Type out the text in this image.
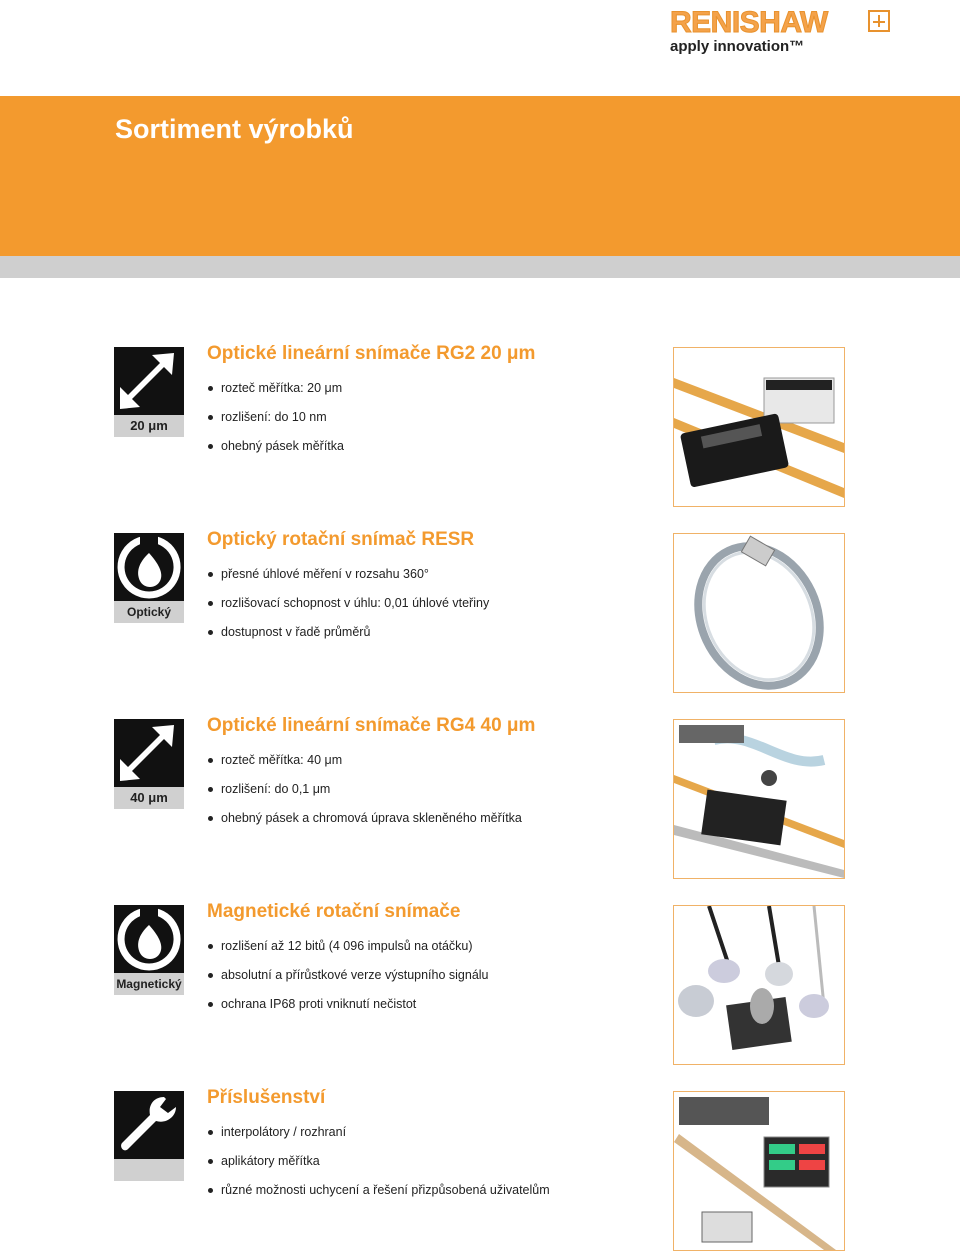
RENISHAW
apply innovation™
Sortiment výrobků
20 μm
Optické lineární snímače RG2 20 μm
rozteč měřítka: 20 μm
rozlišení: do 10 nm
ohebný pásek měřítka
Optický
Optický rotační snímač RESR
přesné úhlové měření v rozsahu 360°
rozlišovací schopnost v úhlu: 0,01 úhlové vteřiny
dostupnost v řadě průměrů
40 μm
Optické lineární snímače RG4 40 μm
rozteč měřítka: 40 μm
rozlišení: do 0,1 μm
ohebný pásek a chromová úprava skleněného měřítka
Magnetický
Magnetické rotační snímače
rozlišení až 12 bitů (4 096 impulsů na otáčku)
absolutní a přírůstkové verze výstupního signálu
ochrana IP68 proti vniknutí nečistot
Příslušenství
interpolátory / rozhraní
aplikátory měřítka
různé možnosti uchycení a řešení přizpůsobená uživatelům
